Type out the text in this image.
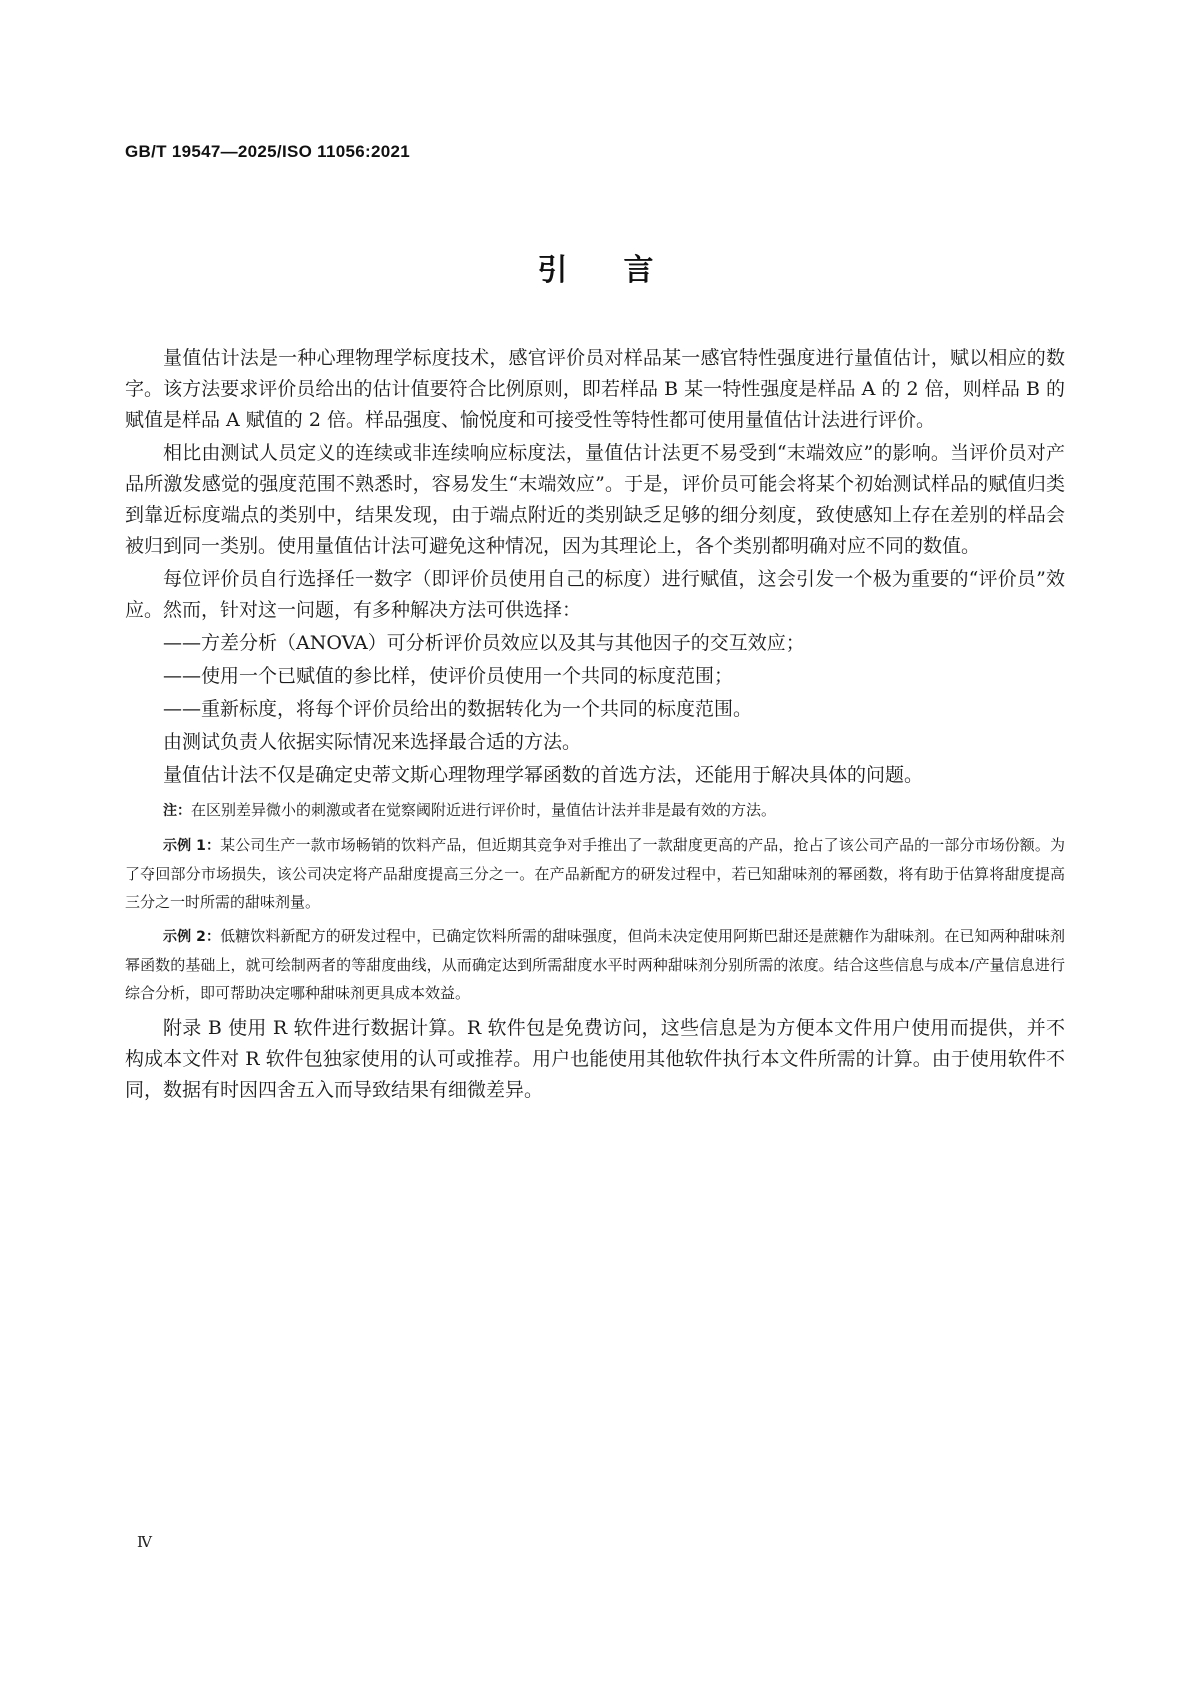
GB/T 19547—2025/ISO 11056:2021
引言

量值估计法是一种心理物理学标度技术，感官评价员对样品某一感官特性强度进行量值估计，赋以相应的数字。该方法要求评价员给出的估计值要符合比例原则，即若样品 B 某一特性强度是样品 A 的 2 倍，则样品 B 的赋值是样品 A 赋值的 2 倍。样品强度、愉悦度和可接受性等特性都可使用量值估计法进行评价。

相比由测试人员定义的连续或非连续响应标度法，量值估计法更不易受到“末端效应”的影响。当评价员对产品所激发感觉的强度范围不熟悉时，容易发生“末端效应”。于是，评价员可能会将某个初始测试样品的赋值归类到靠近标度端点的类别中，结果发现，由于端点附近的类别缺乏足够的细分刻度，致使感知上存在差别的样品会被归到同一类别。使用量值估计法可避免这种情况，因为其理论上，各个类别都明确对应不同的数值。

每位评价员自行选择任一数字（即评价员使用自己的标度）进行赋值，这会引发一个极为重要的“评价员”效应。然而，针对这一问题，有多种解决方法可供选择：

——方差分析（ANOVA）可分析评价员效应以及其与其他因子的交互效应；
——使用一个已赋值的参比样，使评价员使用一个共同的标度范围；
——重新标度，将每个评价员给出的数据转化为一个共同的标度范围。

由测试负责人依据实际情况来选择最合适的方法。

量值估计法不仅是确定史蒂文斯心理物理学幂函数的首选方法，还能用于解决具体的问题。

注：在区别差异微小的刺激或者在觉察阈附近进行评价时，量值估计法并非是最有效的方法。

示例 1：某公司生产一款市场畅销的饮料产品，但近期其竞争对手推出了一款甜度更高的产品，抢占了该公司产品的一部分市场份额。为了夺回部分市场损失，该公司决定将产品甜度提高三分之一。在产品新配方的研发过程中，若已知甜味剂的幂函数，将有助于估算将甜度提高三分之一时所需的甜味剂量。

示例 2：低糖饮料新配方的研发过程中，已确定饮料所需的甜味强度，但尚未决定使用阿斯巴甜还是蔗糖作为甜味剂。在已知两种甜味剂幂函数的基础上，就可绘制两者的等甜度曲线，从而确定达到所需甜度水平时两种甜味剂分别所需的浓度。结合这些信息与成本/产量信息进行综合分析，即可帮助决定哪种甜味剂更具成本效益。

附录 B 使用 R 软件进行数据计算。R 软件包是免费访问，这些信息是为方便本文件用户使用而提供，并不构成本文件对 R 软件包独家使用的认可或推荐。用户也能使用其他软件执行本文件所需的计算。由于使用软件不同，数据有时因四舍五入而导致结果有细微差异。

Ⅳ
